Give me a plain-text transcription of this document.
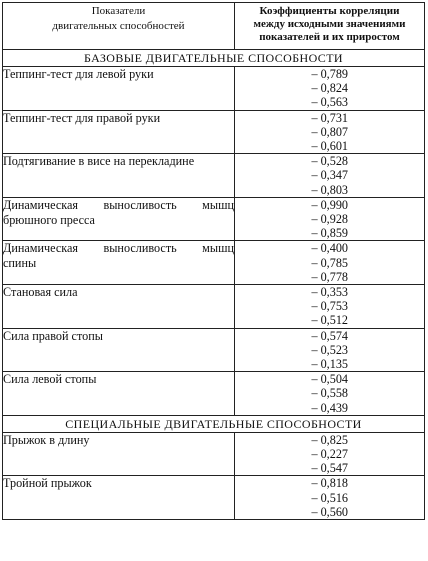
Показатели
двигательных способностей	Коэффициенты корреляции
между исходными значениями
показателей и их приростом

БАЗОВЫЕ ДВИГАТЕЛЬНЫЕ СПОСОБНОСТИ	

Теппинг-тест для левой руки	– 0,789
– 0,824
– 0,563

Теппинг-тест для правой руки	– 0,731
– 0,807
– 0,601

Подтягивание в висе на перекладине	– 0,528
– 0,347
– 0,803

Динамическая выносливость мышц
брюшного пресса	– 0,990
– 0,928
– 0,859

Динамическая выносливость мышц
спины	– 0,400
– 0,785
– 0,778

Становая сила	– 0,353
– 0,753
– 0,512

Сила правой стопы	– 0,574
– 0,523
– 0,135

Сила левой стопы	– 0,504
– 0,558
– 0,439

СПЕЦИАЛЬНЫЕ ДВИГАТЕЛЬНЫЕ СПОСОБНОСТИ	

Прыжок в длину	– 0,825
– 0,227
– 0,547

Тройной прыжок	– 0,818
– 0,516
– 0,560
